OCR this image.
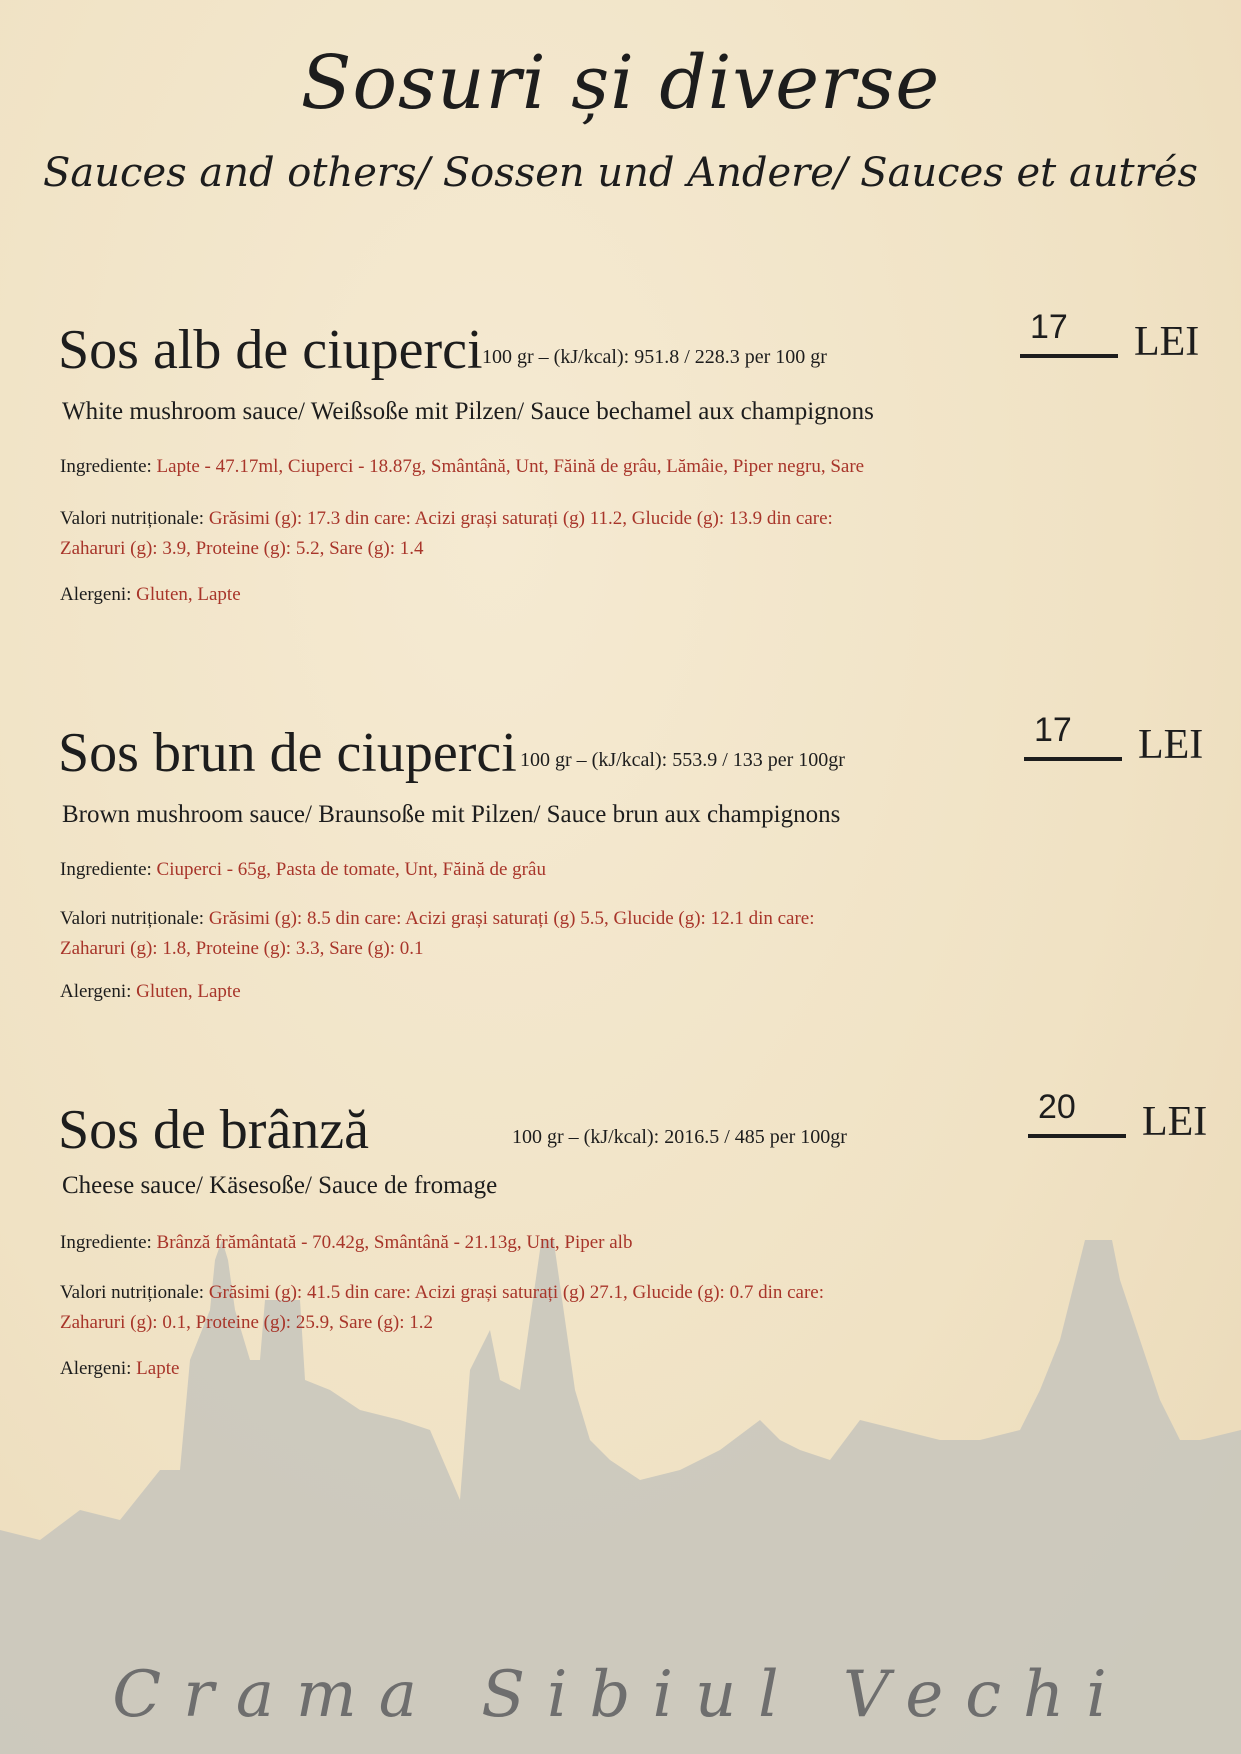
Sosuri și diverse
Sauces and others/ Sossen und Andere/ Sauces et autrés
Sos alb de ciuperci 100 gr – (kJ/kcal): 951.8 / 228.3 per 100 gr
17 LEI
White mushroom sauce/ Weißsoße mit Pilzen/ Sauce bechamel aux champignons
Ingrediente: Lapte - 47.17ml, Ciuperci - 18.87g, Smântână, Unt, Făină de grâu, Lămâie, Piper negru, Sare
Valori nutriționale: Grăsimi (g): 17.3 din care: Acizi grași saturați (g) 11.2, Glucide (g): 13.9 din care:
Zaharuri (g): 3.9, Proteine (g): 5.2, Sare (g): 1.4
Alergeni: Gluten, Lapte
Sos brun de ciuperci 100 gr – (kJ/kcal): 553.9 / 133 per 100gr
17 LEI
Brown mushroom sauce/ Braunsoße mit Pilzen/ Sauce brun aux champignons
Ingrediente: Ciuperci - 65g, Pasta de tomate, Unt, Făină de grâu
Valori nutriționale: Grăsimi (g): 8.5 din care: Acizi grași saturați (g) 5.5, Glucide (g): 12.1 din care:
Zaharuri (g): 1.8, Proteine (g): 3.3, Sare (g): 0.1
Alergeni: Gluten, Lapte
Sos de brânză	100 gr – (kJ/kcal): 2016.5 / 485 per 100gr
20 LEI
Cheese sauce/ Käsesoße/ Sauce de fromage
Ingrediente: Brânză frământată - 70.42g, Smântână - 21.13g, Unt, Piper alb
Valori nutriționale: Grăsimi (g): 41.5 din care: Acizi grași saturați (g) 27.1, Glucide (g): 0.7 din care:
Zaharuri (g): 0.1, Proteine (g): 25.9, Sare (g): 1.2
Alergeni: Lapte
Crama Sibiul Vechi
